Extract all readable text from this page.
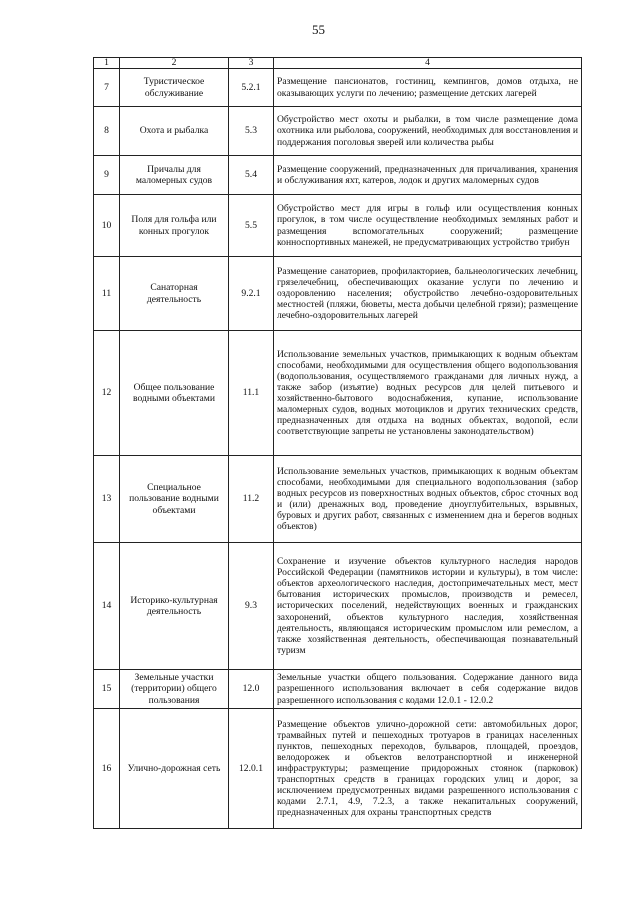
55
1	2	3	4
7	Туристическое обслуживание	5.2.1	Размещение пансионатов, гостиниц, кемпингов, домов отдыха, не оказывающих услуги по лечению; размещение детских лагерей
8	Охота и рыбалка	5.3	Обустройство мест охоты и рыбалки, в том числе размещение дома охотника или рыболова, сооружений, необходимых для восстановления и поддержания поголовья зверей или количества рыбы
9	Причалы для маломерных судов	5.4	Размещение сооружений, предназначенных для причаливания, хранения и обслуживания яхт, катеров, лодок и других маломерных судов
10	Поля для гольфа или конных прогулок	5.5	Обустройство мест для игры в гольф или осуществления конных прогулок, в том числе осуществление необходимых земляных работ и размещения вспомогательных сооружений; размещение конноспортивных манежей, не предусматривающих устройство трибун
11	Санаторная деятельность	9.2.1	Размещение санаториев, профилакториев, бальнеологических лечебниц, грязелечебниц, обеспечивающих оказание услуги по лечению и оздоровлению населения; обустройство лечебно-оздоровительных местностей (пляжи, бюветы, места добычи целебной грязи); размещение лечебно-оздоровительных лагерей
12	Общее пользование водными объектами	11.1	Использование земельных участков, примыкающих к водным объектам способами, необходимыми для осуществления общего водопользования (водопользования, осуществляемого гражданами для личных нужд, а также забор (изъятие) водных ресурсов для целей питьевого и хозяйственно-бытового водоснабжения, купание, использование маломерных судов, водных мотоциклов и других технических средств, предназначенных для отдыха на водных объектах, водопой, если соответствующие запреты не установлены законодательством)
13	Специальное пользование водными объектами	11.2	Использование земельных участков, примыкающих к водным объектам способами, необходимыми для специального водопользования (забор водных ресурсов из поверхностных водных объектов, сброс сточных вод и (или) дренажных вод, проведение дноуглубительных, взрывных, буровых и других работ, связанных с изменением дна и берегов водных объектов)
14	Историко-культурная деятельность	9.3	Сохранение и изучение объектов культурного наследия народов Российской Федерации (памятников истории и культуры), в том числе: объектов археологического наследия, достопримечательных мест, мест бытования исторических промыслов, производств и ремесел, исторических поселений, недействующих военных и гражданских захоронений, объектов культурного наследия, хозяйственная деятельность, являющаяся историческим промыслом или ремеслом, а также хозяйственная деятельность, обеспечивающая познавательный туризм
15	Земельные участки (территории) общего пользования	12.0	Земельные участки общего пользования. Содержание данного вида разрешенного использования включает в себя содержание видов разрешенного использования с кодами 12.0.1 - 12.0.2
16	Улично-дорожная сеть	12.0.1	Размещение объектов улично-дорожной сети: автомобильных дорог, трамвайных путей и пешеходных тротуаров в границах населенных пунктов, пешеходных переходов, бульваров, площадей, проездов, велодорожек и объектов велотранспортной и инженерной инфраструктуры; размещение придорожных стоянок (парковок) транспортных средств в границах городских улиц и дорог, за исключением предусмотренных видами разрешенного использования с кодами 2.7.1, 4.9, 7.2.3, а также некапитальных сооружений, предназначенных для охраны транспортных средств
